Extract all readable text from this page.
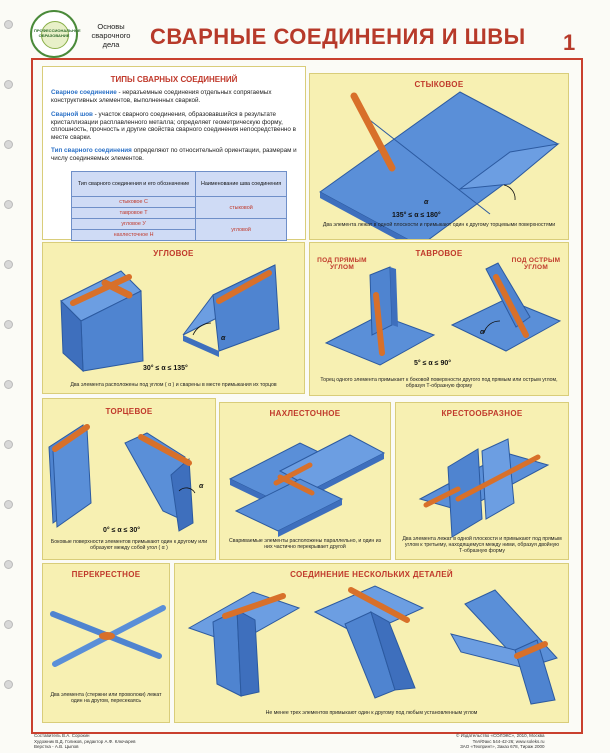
ПРОФЕССИОНАЛЬНОЕ ОБРАЗОВАНИЕ
Основы
сварочного
дела	СВАРНЫЕ СОЕДИНЕНИЯ И ШВЫ 1
ТИПЫ СВАРНЫХ СОЕДИНЕНИЙ
Сварное соединение - неразъемные соединения отдельных сопрягаемых конструктивных элементов, выполненных сваркой.
Сварной шов - участок сварного соединения, образовавшийся в результате кристаллизации расплавленного металла; определяет геометрическую форму, сплошность, прочность и другие свойства сварного соединения непосредственно в месте сварки.
Тип сварного соединения определяют по относительной ориентации, размерам и числу соединяемых элементов.
Тип сварного соединения и его обозначение	Наименование шва соединения
стыковое С	стыковой
тавровое Т	
угловое У	угловой
нахлесточное Н	
СТЫКОВОЕ
α
135° ≤ α ≤ 180°
Два элемента лежат в одной плоскости и примыкают один к другому торцевыми поверхностями
УГЛОВОЕ
α
30° ≤ α ≤ 135°
Два элемента расположены под углом ( α ) и сварены в месте примыкания их торцов
ТАВРОВОЕ
ПОД ПРЯМЫМ УГЛОМ
ПОД ОСТРЫМ УГЛОМ
α
5° ≤ α ≤ 90°
Торец одного элемента примыкает к боковой поверхности другого под прямым или острым углом, образуя Т-образную форму
ТОРЦЕВОЕ
α
0° ≤ α ≤ 30°
Боковые поверхности элементов примыкают один к другому или образуют между собой угол ( α )
НАХЛЕСТОЧНОЕ
Свариваемые элементы расположены параллельно, и один из них частично перекрывает другой
КРЕСТООБРАЗНОЕ
Два элемента лежат в одной плоскости и примыкают под прямым углом к третьему, находящемуся между ними, образуя двойную Т-образную форму
ПЕРЕКРЕСТНОЕ
Два элемента (стержни или проволоки) лежат один на другом, пересекаясь
СОЕДИНЕНИЕ НЕСКОЛЬКИХ ДЕТАЛЕЙ
Не менее трех элементов примыкают один к другому под любым установленным углом
Составитель В.А. Сорокин
Художник В.Д. Голиков, редактор А.Ф. Ключарев
Верстка - А.В. Цыпов
© Издательство «СОЛЭКС», 2010, Москва
Тел/Факс 544-42-26; www.soleks.ru
ЗАО «Техпринт», Заказ 678, Тираж 2000
